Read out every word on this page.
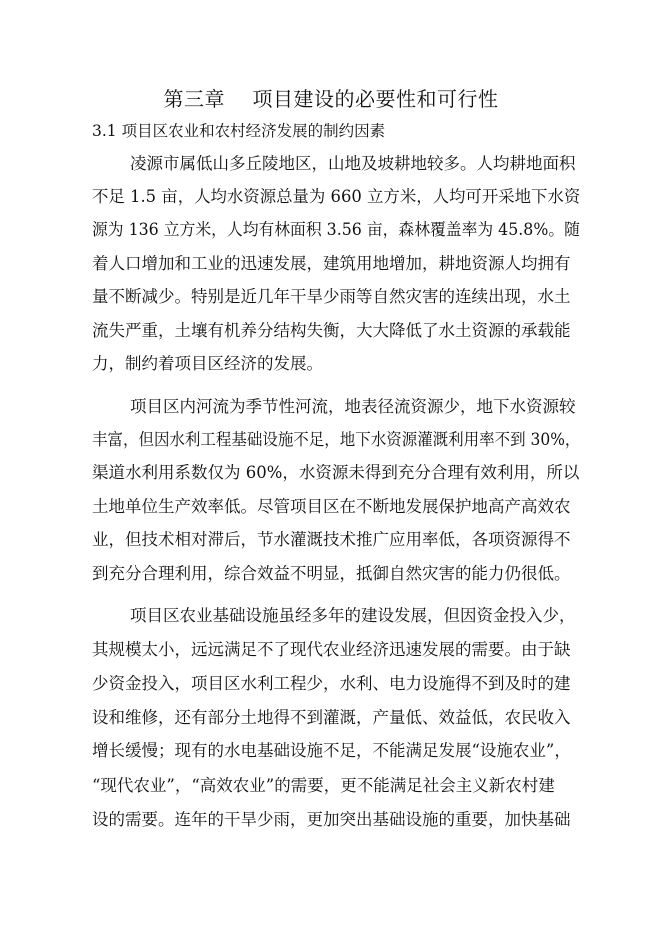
第三章    项目建设的必要性和可行性
3.1 项目区农业和农村经济发展的制约因素
凌源市属低山多丘陵地区，山地及坡耕地较多。人均耕地面积
不足 1.5 亩，人均水资源总量为 660 立方米，人均可开采地下水资
源为 136 立方米，人均有林面积 3.56 亩，森林覆盖率为 45.8%。随
着人口增加和工业的迅速发展，建筑用地增加，耕地资源人均拥有
量不断减少。特别是近几年干旱少雨等自然灾害的连续出现，水土
流失严重，土壤有机养分结构失衡，大大降低了水土资源的承载能
力，制约着项目区经济的发展。
项目区内河流为季节性河流，地表径流资源少，地下水资源较
丰富，但因水利工程基础设施不足，地下水资源灌溉利用率不到 30%，
渠道水利用系数仅为 60%，水资源未得到充分合理有效利用，所以
土地单位生产效率低。尽管项目区在不断地发展保护地高产高效农
业，但技术相对滞后，节水灌溉技术推广应用率低，各项资源得不
到充分合理利用，综合效益不明显，抵御自然灾害的能力仍很低。
项目区农业基础设施虽经多年的建设发展，但因资金投入少，
其规模太小，远远满足不了现代农业经济迅速发展的需要。由于缺
少资金投入，项目区水利工程少，水利、电力设施得不到及时的建
设和维修，还有部分土地得不到灌溉，产量低、效益低，农民收入
增长缓慢；现有的水电基础设施不足，不能满足发展“设施农业”，
“现代农业”，“高效农业”的需要，更不能满足社会主义新农村建
设的需要。连年的干旱少雨，更加突出基础设施的重要，加快基础
